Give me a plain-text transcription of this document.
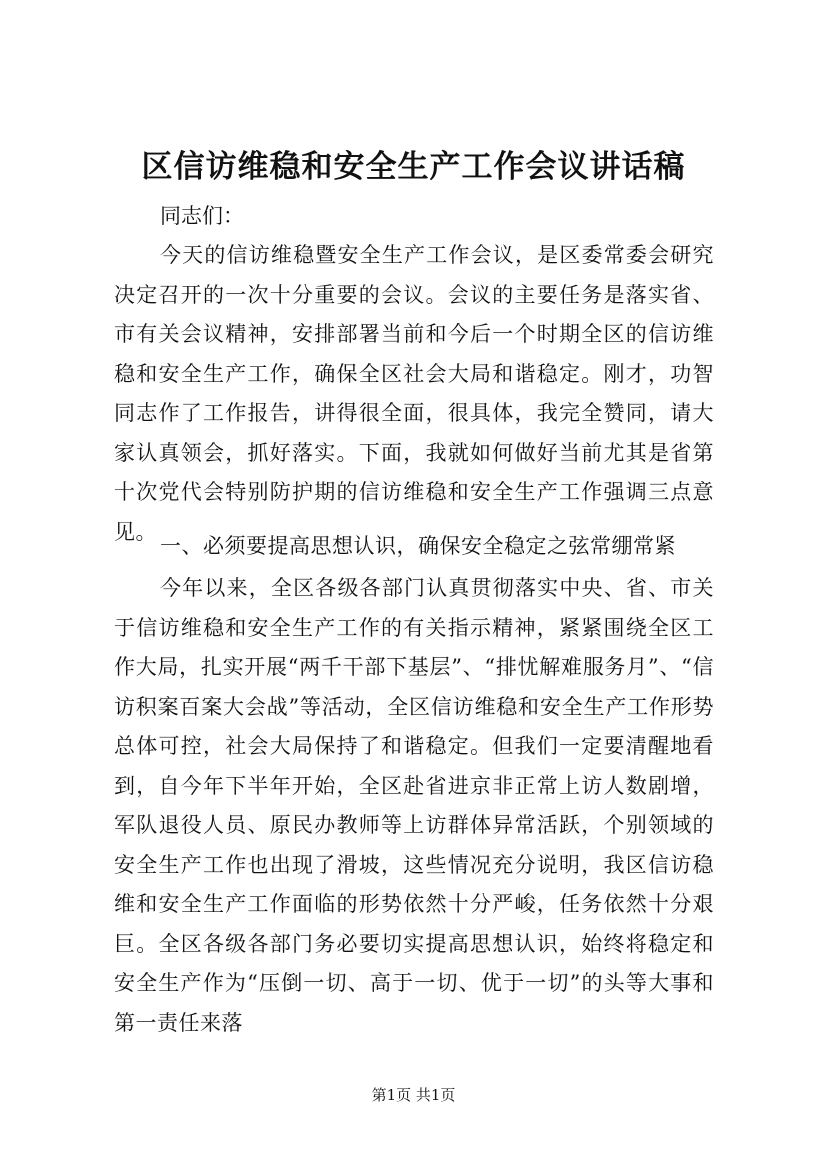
区信访维稳和安全生产工作会议讲话稿
同志们：

今天的信访维稳暨安全生产工作会议，是区委常委会研究决定召开的一次十分重要的会议。会议的主要任务是落实省、市有关会议精神，安排部署当前和今后一个时期全区的信访维稳和安全生产工作，确保全区社会大局和谐稳定。刚才，功智同志作了工作报告，讲得很全面，很具体，我完全赞同，请大家认真领会，抓好落实。下面，我就如何做好当前尤其是省第十次党代会特别防护期的信访维稳和安全生产工作强调三点意见。

一、必须要提高思想认识，确保安全稳定之弦常绷常紧

今年以来，全区各级各部门认真贯彻落实中央、省、市关于信访维稳和安全生产工作的有关指示精神，紧紧围绕全区工作大局，扎实开展“两千干部下基层”、“排忧解难服务月”、“信访积案百案大会战”等活动，全区信访维稳和安全生产工作形势总体可控，社会大局保持了和谐稳定。但我们一定要清醒地看到，自今年下半年开始，全区赴省进京非正常上访人数剧增，军队退役人员、原民办教师等上访群体异常活跃，个别领域的安全生产工作也出现了滑坡，这些情况充分说明，我区信访稳维和安全生产工作面临的形势依然十分严峻，任务依然十分艰巨。全区各级各部门务必要切实提高思想认识，始终将稳定和安全生产作为“压倒一切、高于一切、优于一切”的头等大事和第一责任来落

第1页 共1页
